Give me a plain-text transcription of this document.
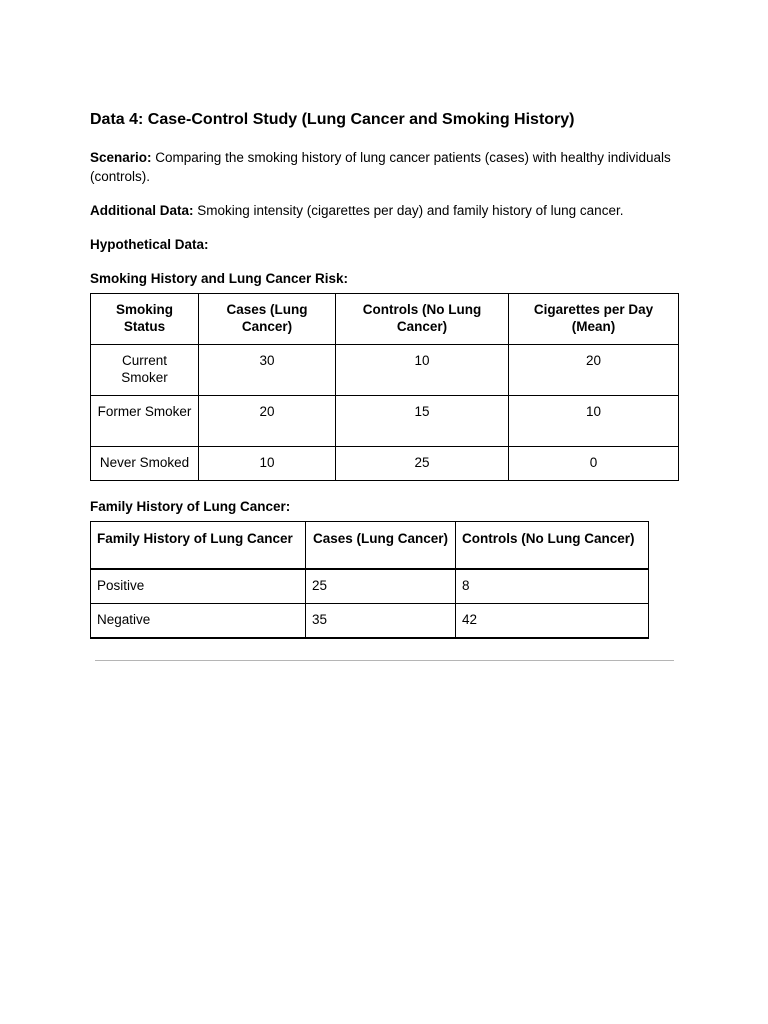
Data 4: Case-Control Study (Lung Cancer and Smoking History)

Scenario: Comparing the smoking history of lung cancer patients (cases) with healthy individuals (controls).

Additional Data: Smoking intensity (cigarettes per day) and family history of lung cancer.

Hypothetical Data:

Smoking History and Lung Cancer Risk:

Smoking Status	Cases (Lung Cancer)	Controls (No Lung Cancer)	Cigarettes per Day (Mean)
Current Smoker	30	10	20
Former Smoker	20	15	10
Never Smoked	10	25	0

Family History of Lung Cancer:

Family History of Lung Cancer	Cases (Lung Cancer)	Controls (No Lung Cancer)
Positive	25	8
Negative	35	42
